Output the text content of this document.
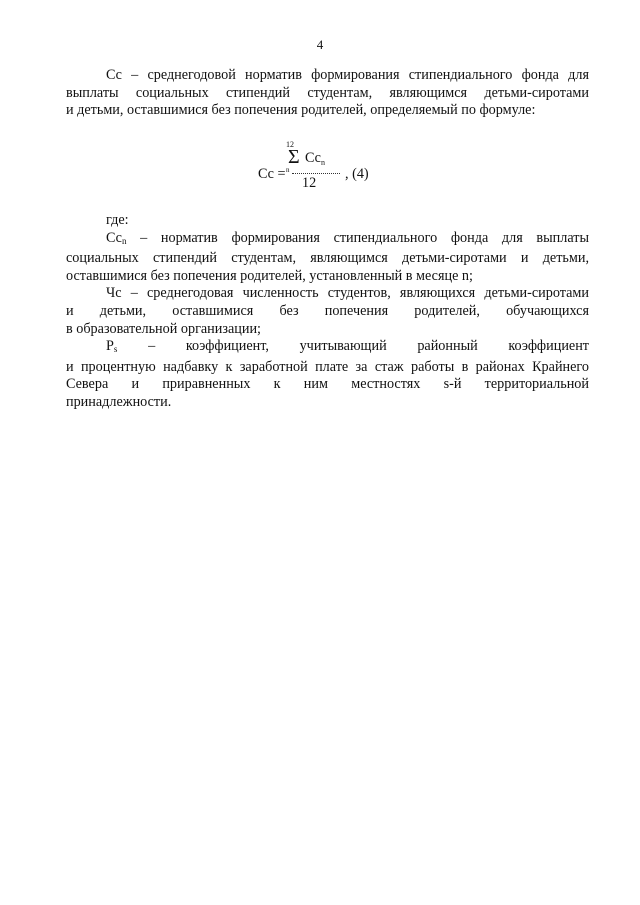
4

Сс – среднегодовой норматив формирования стипендиального фонда для

выплаты социальных стипендий студентам, являющимся детьми-сиротами

и детьми, оставшимися без попечения родителей, определяемый по формуле:

Сс =
12
Σ $Сс_n$
n
12
, (4)

где:

$Сс_n$ – норматив формирования стипендиального фонда для выплаты

социальных стипендий студентам, являющимся детьми-сиротами и детьми,

оставшимися без попечения родителей, установленный в месяце n;

Чс – среднегодовая численность студентов, являющихся детьми-сиротами

и детьми, оставшимися без попечения родителей, обучающихся

в образовательной организации;

$P_s$ – коэффициент, учитывающий районный коэффициент

и процентную надбавку к заработной плате за стаж работы в районах Крайнего

Севера и приравненных к ним местностях s-й территориальной

принадлежности.
